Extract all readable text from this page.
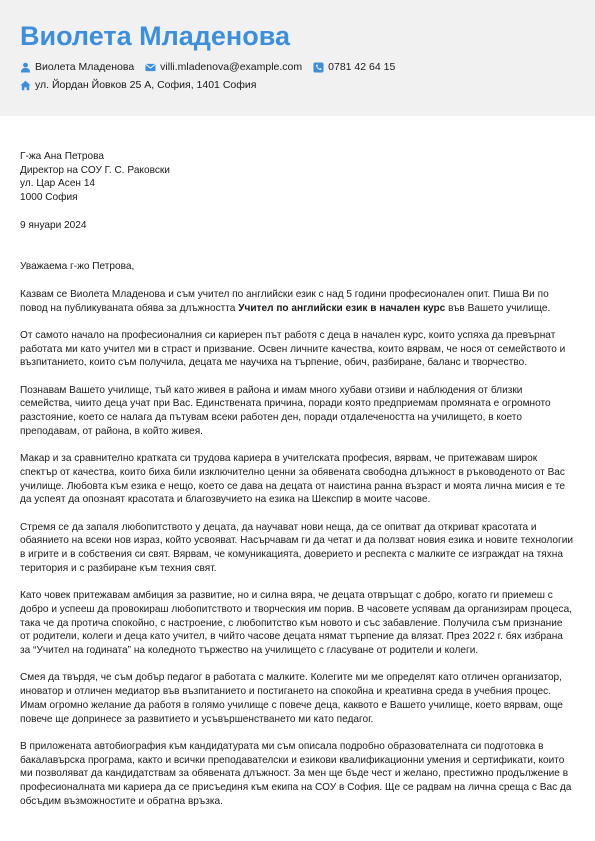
Виолета Младенова
Виолета Младенова villi.mladenova@example.com 0781 42 64 15
ул. Йордан Йовков 25 А, София, 1401 София
Г-жа Ана Петрова
Директор на СОУ Г. С. Раковски
ул. Цар Асен 14
1000 София
9 януари 2024
Уважаема г-жо Петрова,

Казвам се Виолета Младенова и съм учител по английски език с над 5 години професионален опит. Пиша Ви по повод на публикуваната обява за длъжността Учител по английски език в начален курс във Вашето училище.

От самото начало на професионалния си кариерен път работя с деца в начален курс, които успяха да превърнат работата ми като учител ми в страст и призвание. Освен личните качества, които вярвам, че нося от семейството и възпитанието, които съм получила, децата ме научиха на търпение, обич, разбиране, баланс и творчество.

Познавам Вашето училище, тъй като живея в района и имам много хубави отзиви и наблюдения от близки семейства, чиито деца учат при Вас. Единствената причина, поради която предприемам промяната е огромното разстояние, което се налага да пътувам всеки работен ден, поради отдалечеността на училището, в което преподавам, от района, в който живея.

Макар и за сравнително кратката си трудова кариера в учителската професия, вярвам, че притежавам широк спектър от качества, които биха били изключително ценни за обявената свободна длъжност в ръководеното от Вас училище. Любовта към езика е нещо, което се дава на децата от наистина ранна възраст и моята лична мисия е те да успеят да опознаят красотата и благозвучието на езика на Шекспир в моите часове.

Стремя се да запаля любопитството у децата, да научават нови неща, да се опитват да откриват красотата и обаянието на всеки нов израз, който усвояват. Насърчавам ги да четат и да ползват новия езика и новите технологии в игрите и в собствения си свят. Вярвам, че комуникацията, доверието и респекта с малките се изграждат на тяхна територия и с разбиране към техния свят.

Като човек притежавам амбиция за развитие, но и силна вяра, че децата отвръщат с добро, когато ги приемеш с добро и успееш да провокираш любопитството и творческия им порив. В часовете успявам да организирам процеса, така че да протича спокойно, с настроение, с любопитство към новото и със забавление. Получила съм признание от родители, колеги и деца като учител, в чийто часове децата нямат търпение да влязат. През 2022 г. бях избрана за “Учител на годината” на коледното тържество на училището с гласуване от родители и колеги.

Смея да твърдя, че съм добър педагог в работата с малките. Колегите ми ме определят като отличен организатор, иноватор и отличен медиатор във възпитанието и постигането на спокойна и креативна среда в учебния процес. Имам огромно желание да работя в голямо училище с повече деца, каквото е Вашето училище, което вярвам, още повече ще допринесе за развитието и усъвършенстването ми като педагог.

В приложената автобиография към кандидатурата ми съм описала подробно образователната си подготовка в бакалавърска програма, както и всички преподавателски и езикови квалификационни умения и сертификати, които ми позволяват да кандидатствам за обявената длъжност. За мен ще бъде чест и желано, престижно продължение в професионалната ми кариера да се присъединя към екипа на СОУ в София. Ще се радвам на лична среща с Вас да обсъдим възможностите и обратна връзка.
